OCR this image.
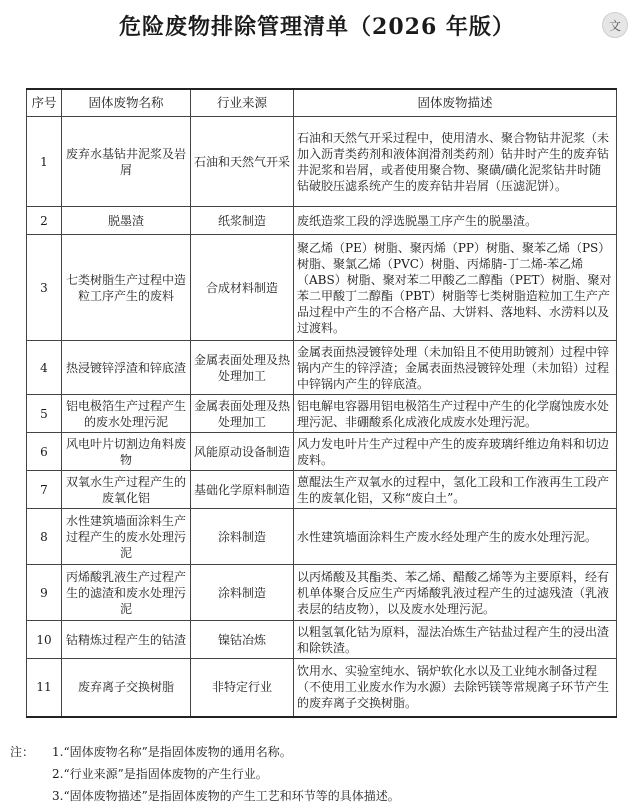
危险废物排除管理清单（2026 年版）	文
序号	固体废物名称	行业来源	固体废物描述
1	废弃水基钻井泥浆及岩屑	石油和天然气开采	石油和天然气开采过程中，使用清水、聚合物钻井泥浆（未加入沥青类药剂和液体润滑剂类药剂）钻井时产生的废弃钻井泥浆和岩屑，或者使用聚合物、聚磺/磺化泥浆钻井时随钻破胶压滤系统产生的废弃钻井岩屑（压滤泥饼）。
2	脱墨渣	纸浆制造	废纸造浆工段的浮选脱墨工序产生的脱墨渣。
3	七类树脂生产过程中造粒工序产生的废料	合成材料制造	聚乙烯（PE）树脂、聚丙烯（PP）树脂、聚苯乙烯（PS）树脂、聚氯乙烯（PVC）树脂、丙烯腈-丁二烯-苯乙烯（ABS）树脂、聚对苯二甲酸乙二醇酯（PET）树脂、聚对苯二甲酸丁二醇酯（PBT）树脂等七类树脂造粒加工生产产品过程中产生的不合格产品、大饼料、落地料、水涝料以及过渡料。
4	热浸镀锌浮渣和锌底渣	金属表面处理及热处理加工	金属表面热浸镀锌处理（未加铅且不使用助镀剂）过程中锌锅内产生的锌浮渣；金属表面热浸镀锌处理（未加铅）过程中锌锅内产生的锌底渣。
5	铝电极箔生产过程产生的废水处理污泥	金属表面处理及热处理加工	铝电解电容器用铝电极箔生产过程中产生的化学腐蚀废水处理污泥、非硼酸系化成液化成废水处理污泥。
6	风电叶片切割边角料废物	风能原动设备制造	风力发电叶片生产过程中产生的废弃玻璃纤维边角料和切边废料。
7	双氧水生产过程产生的废氧化铝	基础化学原料制造	蒽醌法生产双氧水的过程中，氢化工段和工作液再生工段产生的废氧化铝，又称“废白土”。
8	水性建筑墙面涂料生产过程产生的废水处理污泥	涂料制造	水性建筑墙面涂料生产废水经处理产生的废水处理污泥。
9	丙烯酸乳液生产过程产生的滤渣和废水处理污泥	涂料制造	以丙烯酸及其酯类、苯乙烯、醋酸乙烯等为主要原料，经有机单体聚合反应生产丙烯酸乳液过程产生的过滤残渣（乳液表层的结皮物），以及废水处理污泥。
10	钴精炼过程产生的钴渣	镍钴冶炼	以粗氢氧化钴为原料，湿法冶炼生产钴盐过程产生的浸出渣和除铁渣。
11	废弃离子交换树脂	非特定行业	饮用水、实验室纯水、锅炉软化水以及工业纯水制备过程（不使用工业废水作为水源）去除钙镁等常规离子环节产生的废弃离子交换树脂。
注： 1.“固体废物名称”是指固体废物的通用名称。
2.“行业来源”是指固体废物的产生行业。
3.“固体废物描述”是指固体废物的产生工艺和环节等的具体描述。
